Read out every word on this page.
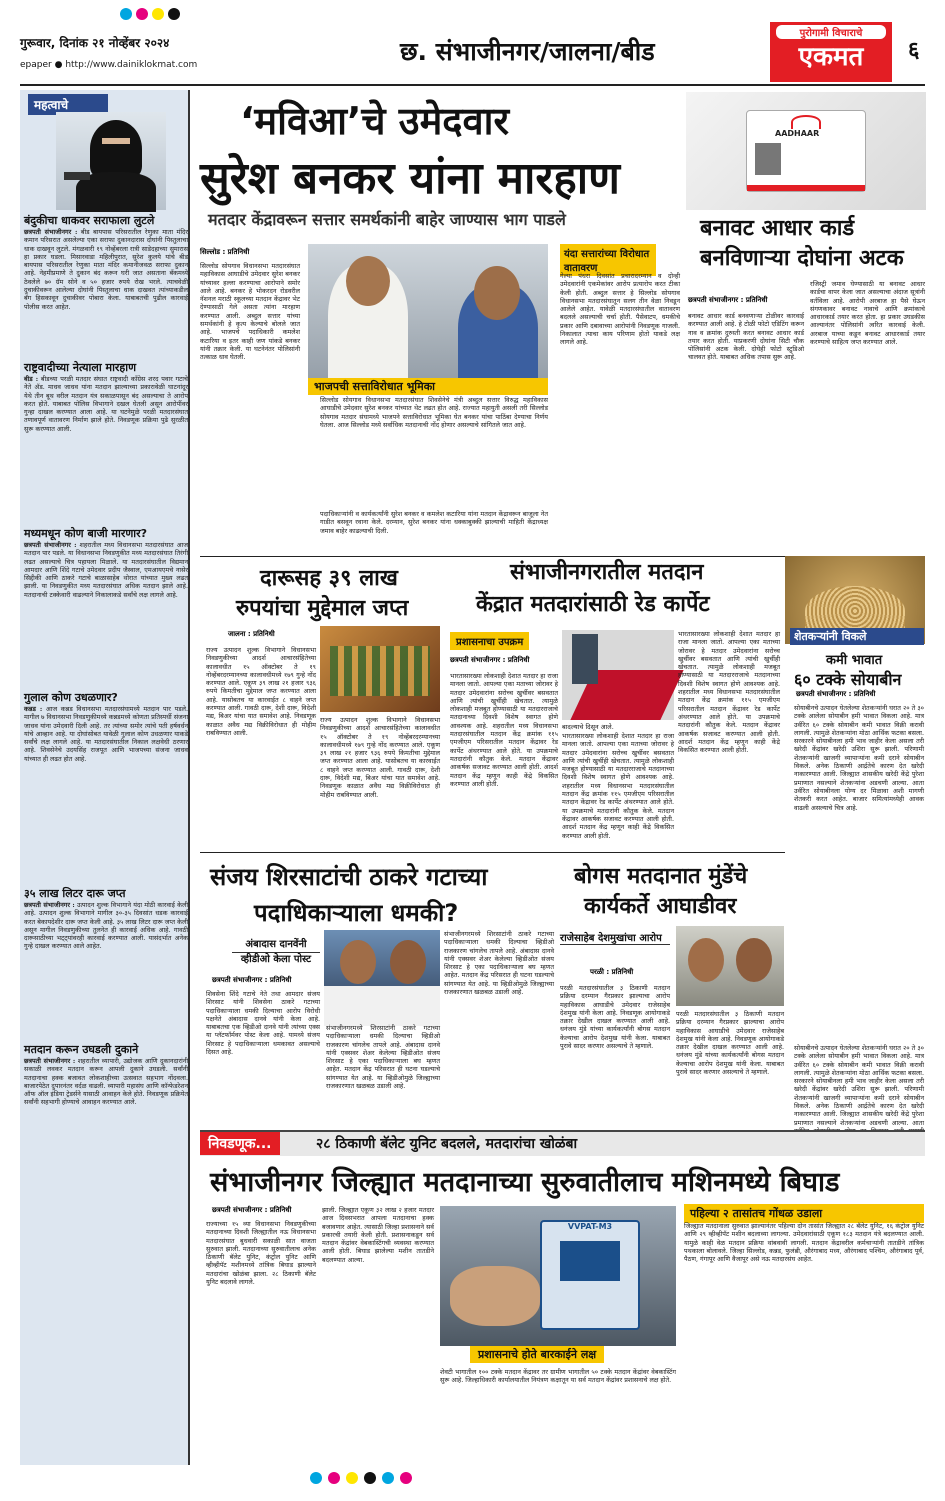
गुरूवार, दिनांक २१ नोव्हेंबर २०२४
epaper ● http://www.dainiklokmat.com	छ. संभाजीनगर/जालना/बीड
पुरोगामी विचाराचे
एकमत	६
महत्वाचे
बंदुकीचा धाकवर सराफाला लुटले
छत्रपती संभाजीनगर : बीड बायपास परिसरातील रेणुका माता मंदिर कमान परिसरात असलेल्या एका सराफा दुकानदारास दोघांनी पिस्तुलाचा धाक दाखवून लुटले. मंगळवारी १९ नोव्हेंबरला रात्री साडेदहाच्या सुमारास हा प्रकार घडला. मिसारवाडा महिलीपुरात, सुरेश कुलये यांचे बीड बायपास परिसरातील रेणुका माता मंदिर कमानीजवळ सराफा दुकान आहे. नेहमीप्रमाणे ते दुकान बंद करून घरी जात असताना बँकमध्ये ठेवलेले ७० ग्रॅम सोने व ५० हजार रुपये रोख भरले. त्याचवेळी दुचाकीवरून आलेल्या दोघांनी पिस्तुलाचा धाक दाखवत त्यांच्याकडील बॅग हिसकावून दुचाकीवर पोबारा केला. याबाबतची पुढील कारवाई पोलीस करत आहेत.
राष्ट्रवादीच्या नेत्याला मारहाण
बीड : बीडच्या परळी मतदार संघात राष्ट्रवादी काँग्रेस शरद पवार गटाचे नेते ॲड. माधव जाधव यांना मतदान झाल्याच्या प्रकारावेळी घाटनांदूर येथे तीन बूथ वरील मतदान यंत्र सकाळपासून बंद असल्याचा ते आरोप करत होते. याबाबत पोलिस विभागाने दखल घेतली असून आरोपींवर गुन्हा दाखल करण्यात आला आहे. या घटनेमुळे परळी मतदारसंघात तणावपूर्ण वातावरण निर्माण झाले होते. निवडणूक प्रक्रिया पुढे सुरळीत सुरू करण्यात आली.
मध्यमधून कोण बाजी मारणार?
छत्रपती संभाजीनगर : शहरातील मध्य विधानसभा मतदारसंघात आज मतदान पार पडले. या विधानसभा निवडणुकीत मध्य मतदारसंघात तिरंगी लढत असल्याचे चित्र पहायला मिळाले. या मतदारसंघातील विद्यमान आमदार आणि शिंदे गटाचे उमेदवार प्रदीप जैस्वाल, एमआयएमचे नासेर सिद्दीकी आणि ठाकरे गटाचे बाळासाहेब थोरात यांच्यात मुख्य लढत झाली. या निवडणुकीत मध्य मतदारसंघात अधिक मतदान झाले आहे. मतदानाची टक्केवारी वाढल्याने निकालाकडे सर्वांचे लक्ष लागले आहे.
गुलाल कोण उधळणार?
कन्नड : आज कन्नड विधानसभा मतदारसंघामध्ये मतदान पार पडले. मागील ७ विधानसभा निवडणुकीमध्ये कन्नडमध्ये कोणता प्रतिस्पर्धी संजना जाधव यांना उमेदवारी दिली आहे. तर त्यांच्या समोर त्यांचे पती हर्षवर्धन यांचे आव्हान आहे. या दोघांसोबत यावेळी गुलाल कोण उधळणार याकडे सर्वांचे लक्ष लागले आहे. या मतदारसंघातील निकाल लक्षवेधी ठरणार आहे. शिवसेनेचे उदयसिंह राजपूत आणि भाजपच्या संजना जाधव यांच्यात ही लढत होत आहे.
३५ लाख लिटर दारू जप्त
छत्रपती संभाजीनगर : उत्पादन शुल्क विभागाने यंदा मोठी कारवाई केली आहे. उत्पादन शुल्क विभागाने मागील ३०-३५ दिवसांत धडक कारवाई करत बेकायदेशीर दारू जप्त केली आहे. ३५ लाख लिटर दारू जप्त केली असून मागील निवडणुकीच्या तुलनेत ही कारवाई अधिक आहे. गावठी दारूसाठीच्या भट्ट्यांवरही कारवाई करण्यात आली. यासंदर्भात अनेक गुन्हे दाखल करण्यात आले आहेत.
मतदान करून उघडली दुकाने
छत्रपती संभाजीनगर : शहरातील व्यापारी, उद्योजक आणि दुकानदारांनी सकाळी लवकर मतदान करून आपली दुकाने उघडली. सर्वांनी मतदानाचा हक्क बजावत लोकशाहीच्या उत्सवात सहभाग नोंदवला. बाजारपेठेत दुपारनंतर वर्दळ वाढली. व्यापारी महासंघ आणि कॉन्फेडरेशन ऑफ ऑल इंडिया ट्रेडर्सने यासाठी आवाहन केले होते. निवडणूक प्रक्रियेत सर्वांनी सहभागी होण्याचे आवाहन करण्यात आले.
‘मविआ’चे उमेदवार
सुरेश बनकर यांना मारहाण
मतदार केंद्रावरून सत्तार समर्थकांनी बाहेर जाण्यास भाग पाडले
AADHAAR
सिल्लोड : प्रतिनिधी
सिल्लोड सोयगाव विधानसभा मतदारसंघात महाविकास आघाडीचे उमेदवार सुरेश बनकर यांच्यावर हल्ला करण्याचा आरोपाने समोर आले आहे. बनकर हे भोकरदन रोडवरील नॅशनल मराठी स्कूलच्या मतदान केंद्रावर भेट देण्यासाठी गेले असता त्यांना मारहाण करण्यात आली. अब्दुल सत्तार यांच्या समर्थकांनी हे कृत्य केल्याचे बोलले जात आहे. भाजपचे पदाधिकारी कमलेश कटारिया व इतर काही जण यांकडे बनकर यांनी तक्रार केली. या घटनेनंतर पोलिसांनी तत्काळ धाव घेतली.
भाजपची सत्ताविरोधात भूमिका
सिल्लोड सोयगाव विधानसभा मतदारसंघात शिवसेनेचे मंत्री अब्दुल सत्तार विरुद्ध महाविकास आघाडीचे उमेदवार सुरेश बनकर यांच्यात थेट लढत होत आहे. राज्यात महायुती असली तरी सिल्लोड सोयगाव मतदार संघामध्ये भाजपने सत्ताविरोधात भूमिका घेत बनकर यांचा पाठिंबा देण्याचा निर्णय घेतला. आज सिल्लोड मध्ये सर्वाधिक मतदानाची नोंद होणार असल्याचे सांगितले जात आहे.
पदाधिकाऱ्यांनी व कार्यकर्त्यांनी सुरेश बनकर व कमलेश कटारिया यांना मतदान केंद्रावरून बाजूला नेत गाडीत बसवून रवाना केले. दरम्यान, सुरेश बनकर यांना धक्काबुक्की झाल्याची माहिती केंद्राध्यक्ष जमाव बाहेर काढल्याची दिली.
यंदा सत्तारांच्या विरोधात वातावरण
गेल्या पंधरा दिवसांत प्रचारादरम्यान व दोन्ही उमेदवारांनी एकमेकांवर आरोप प्रत्यारोप करत टीका केली होती. अब्दुल सत्तार हे सिल्लोड सोयगाव विधानसभा मतदारसंघातून सलग तीन वेळा निवडून आलेले आहेत. यावेळी मतदारसंघातील वातावरण बदलले असल्याची चर्चा होती. पैसेवाटप, धमकीचे प्रकार आणि दबावाच्या आरोपांनी निवडणूक गाजली. निकालात त्याचा काय परिणाम होतो याकडे लक्ष लागले आहे.
बनावट आधार कार्ड बनविणाऱ्या दोघांना अटक
छत्रपती संभाजीनगर : प्रतिनिधी
बनावट आधार कार्ड बनवणाऱ्या टोळीवर कारवाई करण्यात आली आहे. हे टोळी फोटो एडिटिंग करून नाव व क्रमांक दुरुस्ती करत बनावट आधार कार्ड तयार करत होती. याप्रकरणी दोघांना सिटी चौक पोलिसांनी अटक केली. दोघेही फोटो स्टुडिओ चालवत होते. याबाबत अधिक तपास सुरू आहे.
रजिस्ट्री जमाव घेण्यासाठी या बनावट आधार कार्डचा वापर केला जात असल्याचा अंदाज सूत्रांनी वर्तविला आहे. आरोपी अरबाज हा पैसे घेऊन संगणकावर बनावट नावाचे आणि क्रमांकाचे आधारकार्ड तयार करत होता. हा प्रकार उघडकीस आल्यानंतर पोलिसांनी त्वरित कारवाई केली. अरबाज याच्या कडून बनावट आधारकार्ड तयार करण्याचे साहित्य जप्त करण्यात आले.
दारूसह ३९ लाख
रुपयांचा मुद्देमाल जप्त
जालना : प्रतिनिधी
राज्य उत्पादन शुल्क विभागाने विधानसभा निवडणुकीच्या आदर्श आचारसंहितेच्या कालावधीत १५ ऑक्टोबर ते १९ नोव्हेंबरदरम्यानच्या कालावधीमध्ये १७९ गुन्हे नोंद करण्यात आले. एकूण ३९ लाख २१ हजार ९३६ रुपये किमतीचा मुद्देमाल जप्त करण्यात आला आहे. यासोबतच या कारवाईत ८ वाहने जप्त करण्यात आली. गावठी दारू, देशी दारू, विदेशी मद्य, बिअर यांचा यात समावेश आहे. निवडणूक काळात अवैध मद्य विक्रीविरोधात ही मोहीम राबविण्यात आली.
राज्य उत्पादन शुल्क विभागाने विधानसभा निवडणुकीच्या आदर्श आचारसंहितेच्या कालावधीत १५ ऑक्टोबर ते १९ नोव्हेंबरदरम्यानच्या कालावधीमध्ये १७९ गुन्हे नोंद करण्यात आले. एकूण ३९ लाख २१ हजार ९३६ रुपये किमतीचा मुद्देमाल जप्त करण्यात आला आहे. यासोबतच या कारवाईत ८ वाहने जप्त करण्यात आली. गावठी दारू, देशी दारू, विदेशी मद्य, बिअर यांचा यात समावेश आहे. निवडणूक काळात अवैध मद्य विक्रीविरोधात ही मोहीम राबविण्यात आली.
संभाजीनगरातील मतदान
केंद्रात मतदारांसाठी रेड कार्पेट
प्रशासनाचा उपक्रम
छत्रपती संभाजीनगर : प्रतिनिधी
बादल्याचे दिसून आले.
भारतासारख्या लोकशाही देशात मतदार हा राजा मानला जातो. आपल्या एका मताच्या जोरावर हे मतदार उमेदवारांना सरोच्च खुर्चीवर बसवतात आणि त्यांची खुर्चीही खेचतात. त्यामुळे लोकशाही मजबूत होण्यासाठी या मतदारराजाचे मतदानाच्या दिवशी विशेष स्वागत होणे आवश्यक आहे. शहरातील मध्य विधानसभा मतदारसंघातील मतदान केंद्र क्रमांक ११५ एमजीएम परिसरातील मतदान केंद्रावर रेड कार्पेट अंथरण्यात आले होते. या उपक्रमाचे मतदारांनी कौतुक केले. मतदान केंद्रावर आकर्षक सजावट करण्यात आली होती. आदर्श मतदान केंद्र म्हणून काही केंद्रे विकसित करण्यात आली होती.
भारतासारख्या लोकशाही देशात मतदार हा राजा मानला जातो. आपल्या एका मताच्या जोरावर हे मतदार उमेदवारांना सरोच्च खुर्चीवर बसवतात आणि त्यांची खुर्चीही खेचतात. त्यामुळे लोकशाही मजबूत होण्यासाठी या मतदारराजाचे मतदानाच्या दिवशी विशेष स्वागत होणे आवश्यक आहे. शहरातील मध्य विधानसभा मतदारसंघातील मतदान केंद्र क्रमांक ११५ एमजीएम परिसरातील मतदान केंद्रावर रेड कार्पेट अंथरण्यात आले होते. या उपक्रमाचे मतदारांनी कौतुक केले. मतदान केंद्रावर आकर्षक सजावट करण्यात आली होती. आदर्श मतदान केंद्र म्हणून काही केंद्रे विकसित करण्यात आली होती.
भारतासारख्या लोकशाही देशात मतदार हा राजा मानला जातो. आपल्या एका मताच्या जोरावर हे मतदार उमेदवारांना सरोच्च खुर्चीवर बसवतात आणि त्यांची खुर्चीही खेचतात. त्यामुळे लोकशाही मजबूत होण्यासाठी या मतदारराजाचे मतदानाच्या दिवशी विशेष स्वागत होणे आवश्यक आहे. शहरातील मध्य विधानसभा मतदारसंघातील मतदान केंद्र क्रमांक ११५ एमजीएम परिसरातील मतदान केंद्रावर रेड कार्पेट अंथरण्यात आले होते. या उपक्रमाचे मतदारांनी कौतुक केले. मतदान केंद्रावर आकर्षक सजावट करण्यात आली होती. आदर्श मतदान केंद्र म्हणून काही केंद्रे विकसित करण्यात आली होती.
शेतकऱ्यांनी विकले
कमी भावात
६० टक्के सोयाबीन
छत्रपती संभाजीनगर : प्रतिनिधी
सोयाबीनचे उत्पादन घेतलेल्या शेतकऱ्यांनी घरात २० ते ३० टक्के आलेला सोयाबीन हमी भावात विकला आहे. मात्र उर्वरित ६० टक्के सोयाबीन कमी भावात विक्री करावी लागली. त्यामुळे शेतकऱ्यांना मोठा आर्थिक फटका बसला. सरकारने सोयाबीनला हमी भाव जाहीर केला असला तरी खरेदी केंद्रांवर खरेदी उशिरा सुरू झाली. परिणामी शेतकऱ्यांनी खाजगी व्यापाऱ्यांना कमी दराने सोयाबीन विकले. अनेक ठिकाणी आर्द्रतेचे कारण देत खरेदी नाकारण्यात आली. जिल्ह्यात शासकीय खरेदी केंद्रे पुरेशा प्रमाणात नसल्याने शेतकऱ्यांना अडचणी आल्या. आता उर्वरित सोयाबीनला योग्य दर मिळावा अशी मागणी शेतकरी करत आहेत. बाजार समित्यांमध्येही आवक वाढली असल्याचे चित्र आहे.
संजय शिरसाटांची ठाकरे गटाच्या
पदाधिकाऱ्याला धमकी?
अंबादास दानवेंनी
व्हीडीओ केला पोस्ट
छत्रपती संभाजीनगर : प्रतिनिधी
शिवसेना शिंदे गटाचे नेते तथा आमदार संजय शिरसाट यांनी शिवसेना ठाकरे गटाच्या पदाधिकाऱ्याला धमकी दिल्याचा आरोप विरोधी पक्षनेते अंबादास दानवे यांनी केला आहे. याबाबतचा एक व्हिडीओ दानवे यांनी त्यांच्या एक्स या प्लॅटफॉर्मवर पोस्ट केला आहे. यामध्ये संजय शिरसाट हे पदाधिकाऱ्याला धमकावत असल्याचे दिसत आहे.
संभाजीनगरमध्ये शिरसाटांनी ठाकरे गटाच्या पदाधिकाऱ्याला धमकी दिल्याचा व्हिडीओ राजकारण चांगलेच तापले आहे. अंबादास दानवे यांनी एक्सवर शेअर केलेल्या व्हिडीओत संजय शिरसाट हे एका पदाधिकाऱ्याला बघ म्हणत आहेत. मतदान केंद्र परिसरात ही घटना घडल्याचे सांगण्यात येत आहे. या व्हिडीओमुळे जिल्ह्याच्या राजकारणात खळबळ उडाली आहे.
संभाजीनगरमध्ये शिरसाटांनी ठाकरे गटाच्या पदाधिकाऱ्याला धमकी दिल्याचा व्हिडीओ राजकारण चांगलेच तापले आहे. अंबादास दानवे यांनी एक्सवर शेअर केलेल्या व्हिडीओत संजय शिरसाट हे एका पदाधिकाऱ्याला बघ म्हणत आहेत. मतदान केंद्र परिसरात ही घटना घडल्याचे सांगण्यात येत आहे. या व्हिडीओमुळे जिल्ह्याच्या राजकारणात खळबळ उडाली आहे.
बोगस मतदानात मुंडेंचे
कार्यकर्ते आघाडीवर
राजेसाहेब देशमुखांचा आरोप
परळी : प्रतिनिधी
परळी मतदारसंघातील ३ ठिकाणी मतदान प्रक्रिया दरम्यान गैरप्रकार झाल्याचा आरोप महाविकास आघाडीचे उमेदवार राजेसाहेब देशमुख यांनी केला आहे. निवडणूक आयोगाकडे तक्रार देखील दाखल करण्यात आली आहे. धनंजय मुंडे यांच्या कार्यकर्त्यांनी बोगस मतदान केल्याचा आरोप देशमुख यांनी केला. याबाबत पुरावे सादर करणार असल्याचे ते म्हणाले.
परळी मतदारसंघातील ३ ठिकाणी मतदान प्रक्रिया दरम्यान गैरप्रकार झाल्याचा आरोप महाविकास आघाडीचे उमेदवार राजेसाहेब देशमुख यांनी केला आहे. निवडणूक आयोगाकडे तक्रार देखील दाखल करण्यात आली आहे. धनंजय मुंडे यांच्या कार्यकर्त्यांनी बोगस मतदान केल्याचा आरोप देशमुख यांनी केला. याबाबत पुरावे सादर करणार असल्याचे ते म्हणाले.
सोयाबीनचे उत्पादन घेतलेल्या शेतकऱ्यांनी घरात २० ते ३० टक्के आलेला सोयाबीन हमी भावात विकला आहे. मात्र उर्वरित ६० टक्के सोयाबीन कमी भावात विक्री करावी लागली. त्यामुळे शेतकऱ्यांना मोठा आर्थिक फटका बसला. सरकारने सोयाबीनला हमी भाव जाहीर केला असला तरी खरेदी केंद्रांवर खरेदी उशिरा सुरू झाली. परिणामी शेतकऱ्यांनी खाजगी व्यापाऱ्यांना कमी दराने सोयाबीन विकले. अनेक ठिकाणी आर्द्रतेचे कारण देत खरेदी नाकारण्यात आली. जिल्ह्यात शासकीय खरेदी केंद्रे पुरेशा प्रमाणात नसल्याने शेतकऱ्यांना अडचणी आल्या. आता
निवडणूक...	२८ ठिकाणी बॅलेट युनिट बदलले, मतदारांचा खोळंबा
संभाजीनगर जिल्ह्यात मतदानाच्या सुरुवातीलाच मशिनमध्ये बिघाड
छत्रपती संभाजीनगर : प्रतिनिधी
राज्याच्या १५ व्या विधानसभा निवडणुकीच्या मतदानाच्या दिवशी जिल्ह्यातील नऊ विधानसभा मतदारसंघात बुधवारी सकाळी सात वाजता सुरुवात झाली. मतदानाच्या सुरुवातीलाच अनेक ठिकाणी बॅलेट युनिट, कंट्रोल युनिट आणि व्हीव्हीपॅट मशीनमध्ये तांत्रिक बिघाड झाल्याने मतदारांचा खोळंबा झाला. २८ ठिकाणी बॅलेट युनिट बदलावे लागले.
झाली. जिल्ह्यात एकूण ३२ लाख २ हजार मतदार आज दिवसभरात आपला मतदानाचा हक्क बजावणार आहेत. त्यासाठी जिल्हा प्रशासनाने सर्व प्रकारची तयारी केली होती. प्रशासनाकडून सर्व मतदान केंद्रांवर वेबकास्टिंगची व्यवस्था करण्यात आली होती. बिघाड झालेल्या मशीन तातडीने बदलण्यात आल्या.
VVPAT-M3
प्रशासनाचे होते बारकाईने लक्ष
शेवटी भागातील १०० टक्के मतदान केंद्रावर तर ग्रामीण भागातील ५० टक्के मतदान केंद्रांवर वेबकास्टिंग सुरू आहे. जिल्हाधिकारी कार्यालयातील नियंत्रण कक्षातून या सर्व मतदान केंद्रांवर प्रशासनाचे लक्ष होते.
पहिल्या २ तासांतच गोंधळ उडाला
जिल्ह्यात मतदानाला सुरुवात झाल्यानंतर पहिल्या दोन तासांत जिल्ह्यात २८ बॅलेट युनिट, १६ कंट्रोल युनिट आणि २९ व्हीव्हीपॅट मशीन बदलाव्या लागल्या. उमेदवारांसाठी एकूण १८३ मतदान यंत्रे बदलण्यात आली. यामुळे काही वेळ मतदान प्रक्रिया थांबवावी लागली. मतदान केंद्रावरील कर्मचाऱ्यांनी तातडीने तांत्रिक पथकाला बोलावले. जिल्हा सिल्लोड, कन्नड, फुलंब्री, औरंगाबाद मध्य, औरंगाबाद पश्चिम, औरंगाबाद पूर्व, पैठण, गंगापूर आणि वैजापूर असे नऊ मतदारसंघ आहेत.
